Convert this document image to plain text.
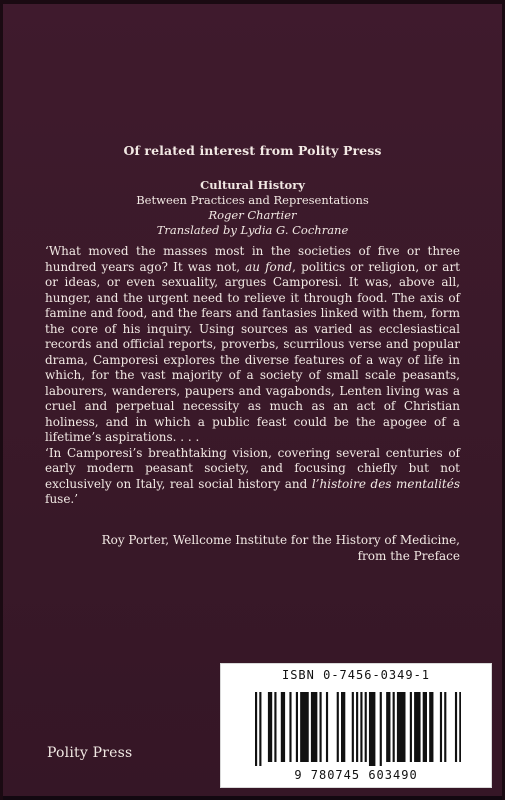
Of related interest from Polity Press
Cultural History
Between Practices and Representations
Roger Chartier
Translated by Lydia G. Cochrane

‘What moved the masses most in the societies of five or three hundred years ago? It was not, au fond, politics or religion, or art or ideas, or even sexuality, argues Camporesi. It was, above all, hunger, and the urgent need to relieve it through food. The axis of famine and food, and the fears and fantasies linked with them, form the core of his inquiry. Using sources as varied as ecclesiastical records and official reports, proverbs, scurrilous verse and popular drama, Camporesi explores the diverse features of a way of life in which, for the vast majority of a society of small scale peasants, labourers, wanderers, paupers and vagabonds, Lenten living was a cruel and perpetual necessity as much as an act of Christian holiness, and in which a public feast could be the apogee of a lifetime’s aspirations. . . .

‘In Camporesi’s breathtaking vision, covering several centuries of early modern peasant society, and focusing chiefly but not exclusively on Italy, real social history and l’histoire des mentalités fuse.’

Roy Porter, Wellcome Institute for the History of Medicine,
from the Preface
ISBN 0-7456-0349-1
9 780745 603490
Polity Press
